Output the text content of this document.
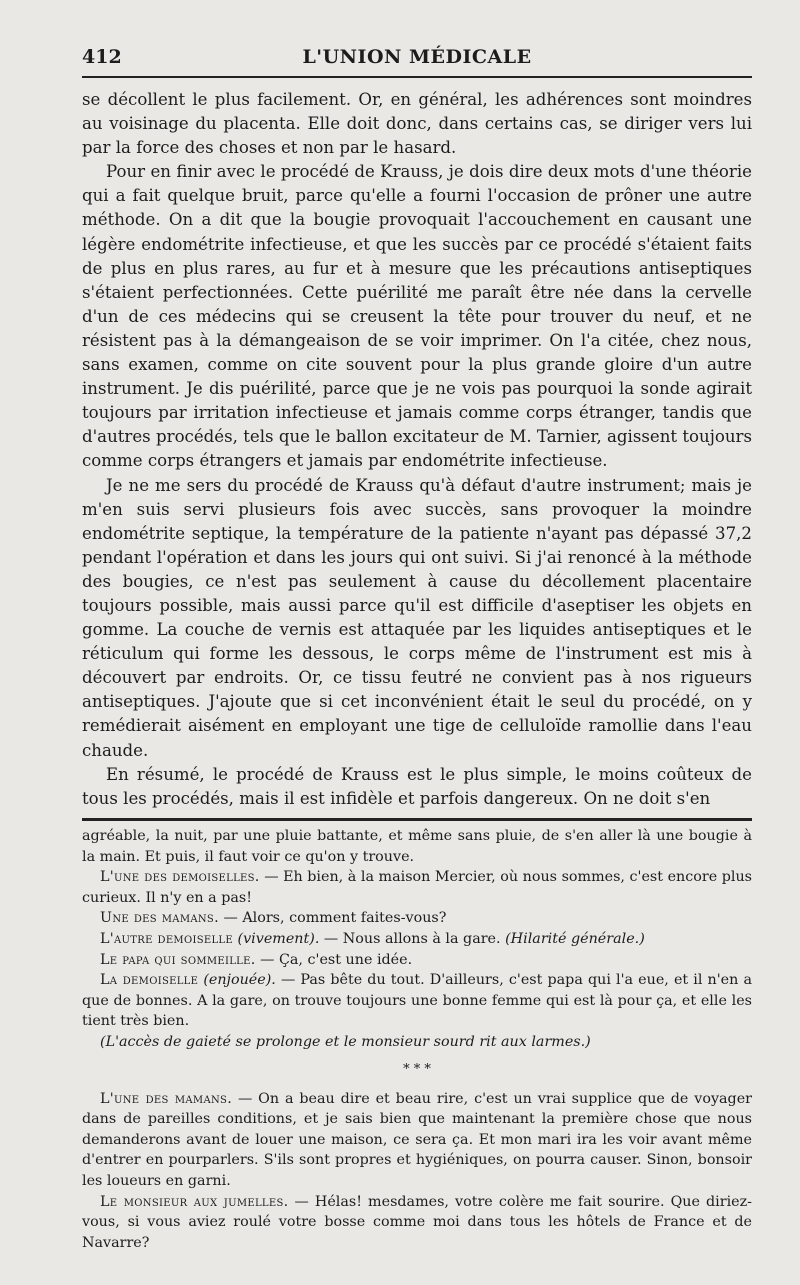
412	L'UNION MÉDICALE

se décollent le plus facilement. Or, en général, les adhérences sont moindres au voisinage du placenta. Elle doit donc, dans certains cas, se diriger vers lui par la force des choses et non par le hasard.

Pour en finir avec le procédé de Krauss, je dois dire deux mots d'une théorie qui a fait quelque bruit, parce qu'elle a fourni l'occasion de prôner une autre méthode. On a dit que la bougie provoquait l'accouchement en causant une légère endométrite infectieuse, et que les succès par ce procédé s'étaient faits de plus en plus rares, au fur et à mesure que les précautions antiseptiques s'étaient perfectionnées. Cette puérilité me paraît être née dans la cervelle d'un de ces médecins qui se creusent la tête pour trouver du neuf, et ne résistent pas à la démangeaison de se voir imprimer. On l'a citée, chez nous, sans examen, comme on cite souvent pour la plus grande gloire d'un autre instrument. Je dis puérilité, parce que je ne vois pas pourquoi la sonde agirait toujours par irritation infectieuse et jamais comme corps étranger, tandis que d'autres procédés, tels que le ballon excitateur de M. Tarnier, agissent toujours comme corps étrangers et jamais par endométrite infectieuse.

Je ne me sers du procédé de Krauss qu'à défaut d'autre instrument; mais je m'en suis servi plusieurs fois avec succès, sans provoquer la moindre endométrite septique, la température de la patiente n'ayant pas dépassé 37,2 pendant l'opération et dans les jours qui ont suivi. Si j'ai renoncé à la méthode des bougies, ce n'est pas seulement à cause du décollement placentaire toujours possible, mais aussi parce qu'il est difficile d'aseptiser les objets en gomme. La couche de vernis est attaquée par les liquides antiseptiques et le réticulum qui forme les dessous, le corps même de l'instrument est mis à découvert par endroits. Or, ce tissu feutré ne convient pas à nos rigueurs antiseptiques. J'ajoute que si cet inconvénient était le seul du procédé, on y remédierait aisément en employant une tige de celluloïde ramollie dans l'eau chaude.

En résumé, le procédé de Krauss est le plus simple, le moins coûteux de tous les procédés, mais il est infidèle et parfois dangereux. On ne doit s'en

agréable, la nuit, par une pluie battante, et même sans pluie, de s'en aller là une bougie à la main. Et puis, il faut voir ce qu'on y trouve.

L'une des demoiselles. — Eh bien, à la maison Mercier, où nous sommes, c'est encore plus curieux. Il n'y en a pas!

Une des mamans. — Alors, comment faites-vous?

L'autre demoiselle (vivement). — Nous allons à la gare. (Hilarité générale.)

Le papa qui sommeille. — Ça, c'est une idée.

La demoiselle (enjouée). — Pas bête du tout. D'ailleurs, c'est papa qui l'a eue, et il n'en a que de bonnes. A la gare, on trouve toujours une bonne femme qui est là pour ça, et elle les tient très bien.

(L'accès de gaieté se prolonge et le monsieur sourd rit aux larmes.)

* * *

L'une des mamans. — On a beau dire et beau rire, c'est un vrai supplice que de voyager dans de pareilles conditions, et je sais bien que maintenant la première chose que nous demanderons avant de louer une maison, ce sera ça. Et mon mari ira les voir avant même d'entrer en pourparlers. S'ils sont propres et hygiéniques, on pourra causer. Sinon, bonsoir les loueurs en garni.

Le monsieur aux jumelles. — Hélas! mesdames, votre colère me fait sourire. Que diriez-vous, si vous aviez roulé votre bosse comme moi dans tous les hôtels de France et de Navarre?
